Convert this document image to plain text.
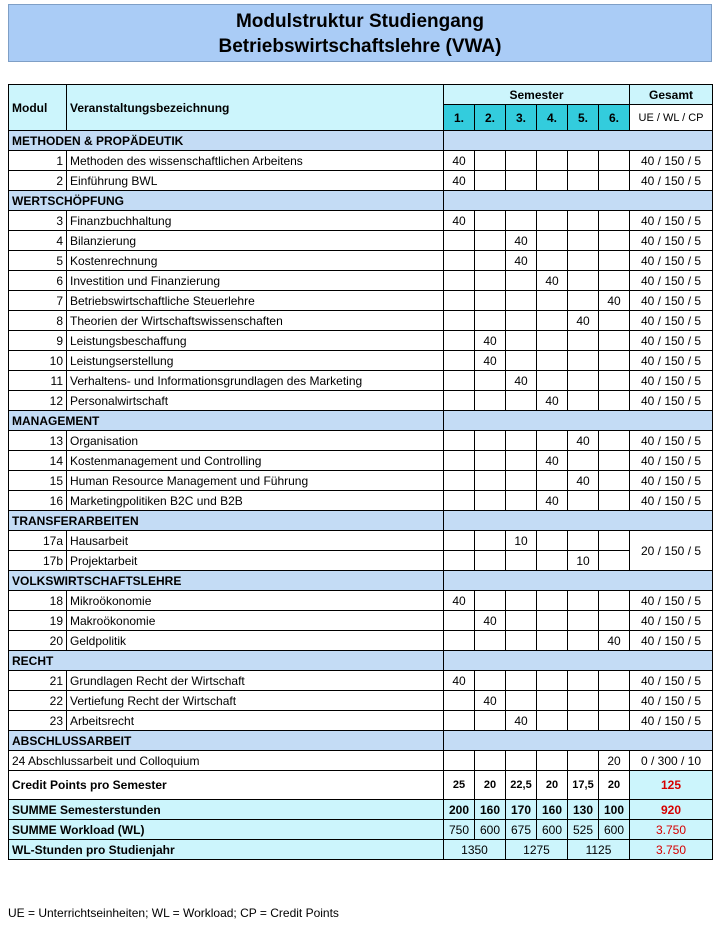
Modulstruktur Studiengang
Betriebswirtschaftslehre (VWA)
Modul	Veranstaltungsbezeichnung	Semester						Gesamt
		1.	2.	3.	4.	5.	6.	UE / WL / CP
METHODEN & PROPÄDEUTIK								
1	Methoden des wissenschaftlichen Arbeitens	40						40 / 150 / 5
2	Einführung BWL	40						40 / 150 / 5
WERTSCHÖPFUNG								
3	Finanzbuchhaltung	40						40 / 150 / 5
4	Bilanzierung			40				40 / 150 / 5
5	Kostenrechnung			40				40 / 150 / 5
6	Investition und Finanzierung				40			40 / 150 / 5
7	Betriebswirtschaftliche Steuerlehre						40	40 / 150 / 5
8	Theorien der Wirtschaftswissenschaften					40		40 / 150 / 5
9	Leistungsbeschaffung		40					40 / 150 / 5
10	Leistungserstellung		40					40 / 150 / 5
11	Verhaltens- und Informationsgrundlagen des Marketing			40				40 / 150 / 5
12	Personalwirtschaft				40			40 / 150 / 5
MANAGEMENT								
13	Organisation					40		40 / 150 / 5
14	Kostenmanagement und Controlling				40			40 / 150 / 5
15	Human Resource Management und Führung					40		40 / 150 / 5
16	Marketingpolitiken B2C und B2B				40			40 / 150 / 5
TRANSFERARBEITEN								
17a	Hausarbeit			10				20 / 150 / 5
17b	Projektarbeit					10		
VOLKSWIRTSCHAFTSLEHRE								
18	Mikroökonomie	40						40 / 150 / 5
19	Makroökonomie		40					40 / 150 / 5
20	Geldpolitik						40	40 / 150 / 5
RECHT								
21	Grundlagen Recht der Wirtschaft	40						40 / 150 / 5
22	Vertiefung Recht der Wirtschaft		40					40 / 150 / 5
23	Arbeitsrecht			40				40 / 150 / 5
ABSCHLUSSARBEIT								
24 Abschlussarbeit und Colloquium							20	0 / 300 / 10
Credit Points pro Semester		25	20	22,5	20	17,5	20	125
SUMME Semesterstunden		200	160	170	160	130	100	920
SUMME Workload (WL)		750	600	675	600	525	600	3.750
WL-Stunden pro Studienjahr		1350		1275		1125		3.750
UE = Unterrichtseinheiten; WL = Workload; CP = Credit Points
